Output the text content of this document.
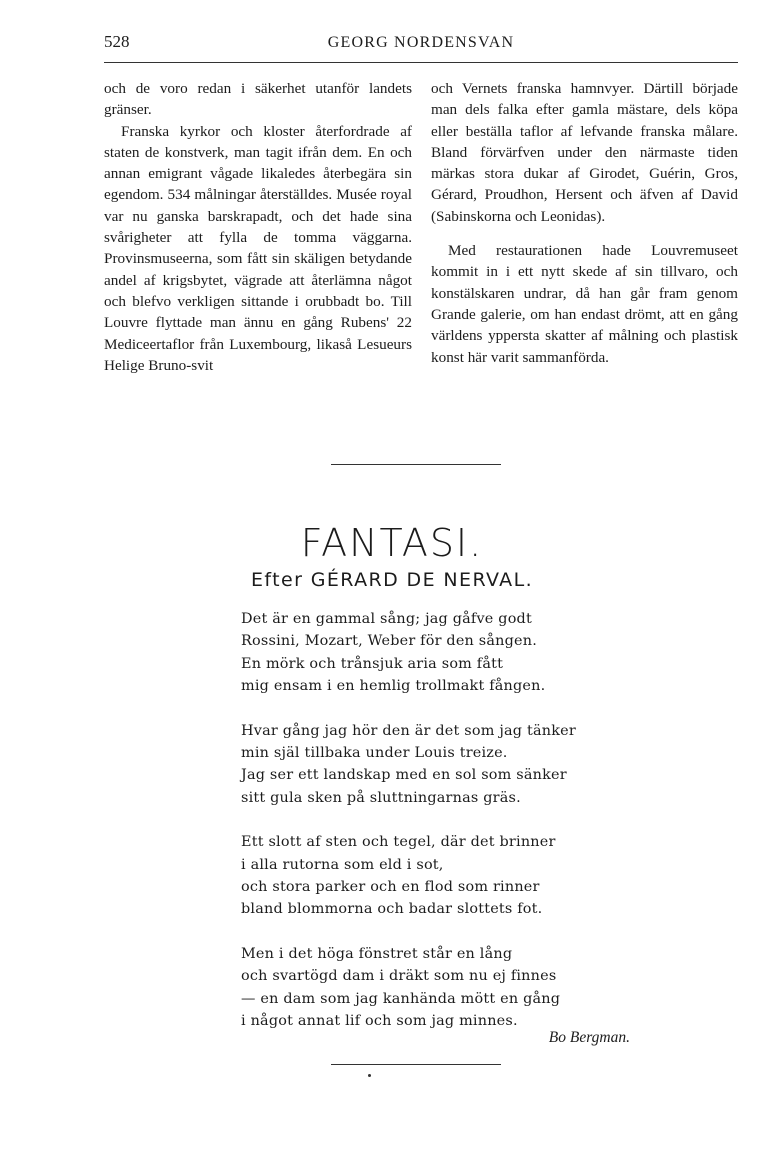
528	GEORG NORDENSVAN

och de voro redan i säkerhet utanför landets gränser.

Franska kyrkor och kloster återfordrade af staten de konstverk, man tagit ifrån dem. En och annan emigrant vågade likaledes återbegära sin egendom. 534 målningar återställdes. Musée royal var nu ganska barskrapadt, och det hade sina svårigheter att fylla de tomma väggarna. Provinsmuseerna, som fått sin skäligen betydande andel af krigsbytet, vägrade att återlämna något och blefvo verkligen sittande i orubbadt bo. Till Louvre flyttade man ännu en gång Rubens' 22 Mediceertaflor från Luxembourg, likaså Lesueurs Helige Bruno-svit

och Vernets franska hamnvyer. Därtill började man dels falka efter gamla mästare, dels köpa eller beställa taflor af lefvande franska målare. Bland förvärfven under den närmaste tiden märkas stora dukar af Girodet, Guérin, Gros, Gérard, Proudhon, Hersent och äfven af David (Sabinskorna och Leonidas).

Med restaurationen hade Louvremuseet kommit in i ett nytt skede af sin tillvaro, och konstälskaren undrar, då han går fram genom Grande galerie, om han endast drömt, att en gång världens yppersta skatter af målning och plastisk konst här varit sammanförda.

FANTASI.
Efter GÉRARD DE NERVAL.
Det är en gammal sång; jag gåfve godt
Rossini, Mozart, Weber för den sången.
En mörk och trånsjuk aria som fått
mig ensam i en hemlig trollmakt fången.
Hvar gång jag hör den är det som jag tänker
min själ tillbaka under Louis treize.
Jag ser ett landskap med en sol som sänker
sitt gula sken på sluttningarnas gräs.
Ett slott af sten och tegel, där det brinner
i alla rutorna som eld i sot,
och stora parker och en flod som rinner
bland blommorna och badar slottets fot.
Men i det höga fönstret står en lång
och svartögd dam i dräkt som nu ej finnes
— en dam som jag kanhända mött en gång
i något annat lif och som jag minnes.
Bo Bergman.
